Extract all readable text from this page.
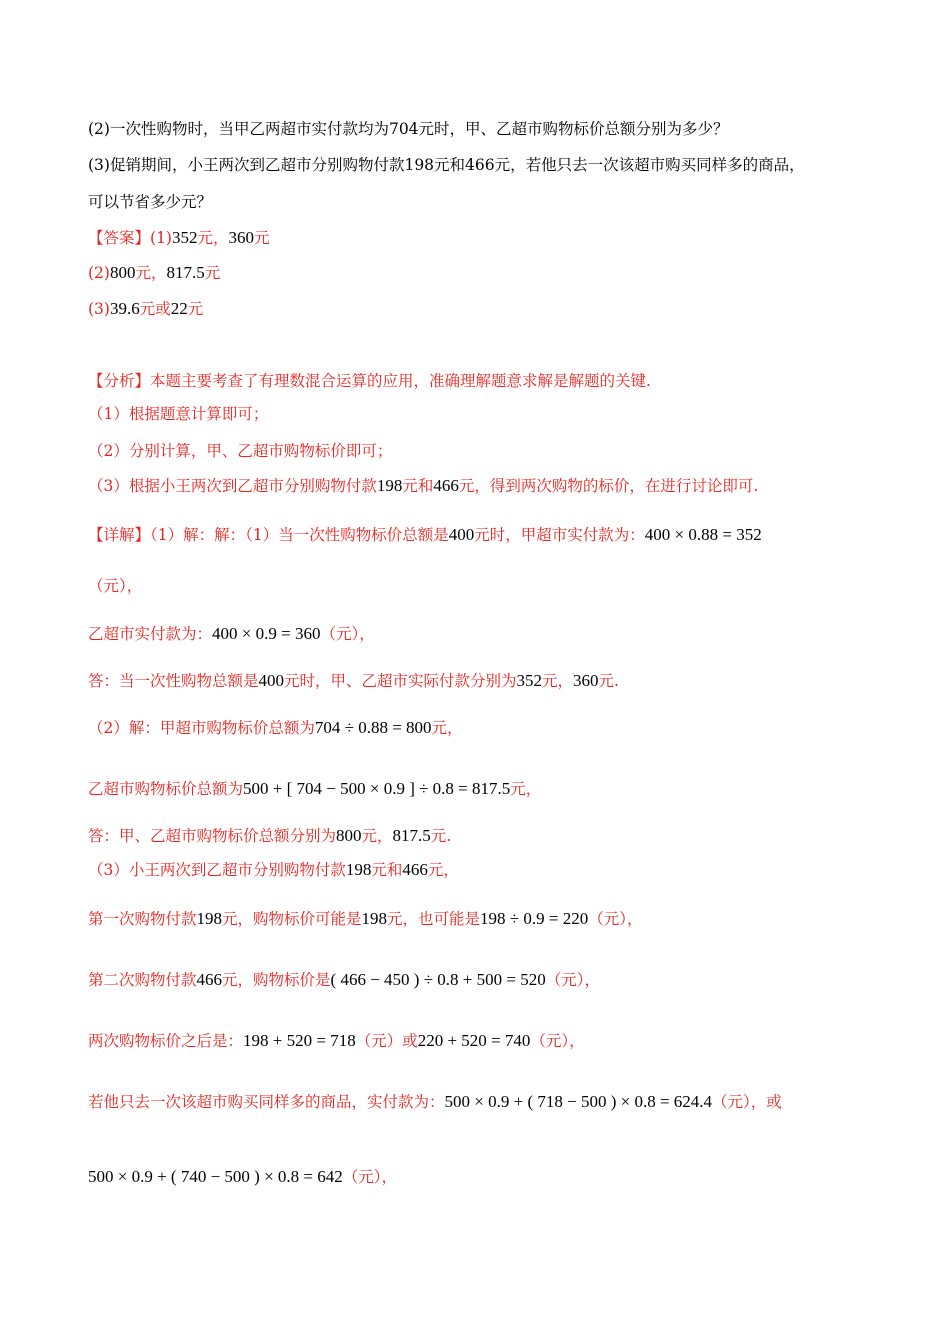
(2)一次性购物时，当甲乙两超市实付款均为704元时，甲、乙超市购物标价总额分别为多少？
(3)促销期间，小王两次到乙超市分别购物付款198元和466元，若他只去一次该超市购买同样多的商品，
可以节省多少元？
【答案】(1)352元，360元
(2)800元，817.5元
(3)39.6元或22元
【分析】本题主要考查了有理数混合运算的应用，准确理解题意求解是解题的关键.
（1）根据题意计算即可；
（2）分别计算，甲、乙超市购物标价即可；
（3）根据小王两次到乙超市分别购物付款198元和466元，得到两次购物的标价，在进行讨论即可.
【详解】（1）解：解：（1）当一次性购物标价总额是400元时，甲超市实付款为：400 × 0.88 = 352
（元），
乙超市实付款为：400 × 0.9 = 360（元），
答：当一次性购物总额是400元时，甲、乙超市实际付款分别为352元，360元.
（2）解：甲超市购物标价总额为704 ÷ 0.88 = 800元，
乙超市购物标价总额为500 + [ 704 − 500 × 0.9 ] ÷ 0.8 = 817.5元，
答：甲、乙超市购物标价总额分别为800元，817.5元.
（3）小王两次到乙超市分别购物付款198元和466元，
第一次购物付款198元，购物标价可能是198元，也可能是198 ÷ 0.9 = 220（元），
第二次购物付款466元，购物标价是( 466 − 450 ) ÷ 0.8 + 500 = 520（元），
两次购物标价之后是：198 + 520 = 718（元）或220 + 520 = 740（元），
若他只去一次该超市购买同样多的商品，实付款为：500 × 0.9 + ( 718 − 500 ) × 0.8 = 624.4（元），或
500 × 0.9 + ( 740 − 500 ) × 0.8 = 642（元），
